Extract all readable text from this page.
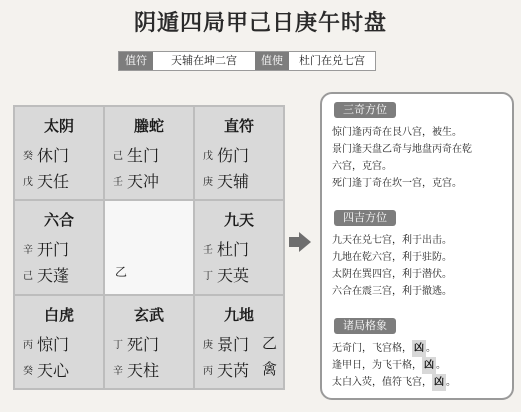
阴遁四局甲己日庚午时盘
值符	天辅在坤二宫	值使	杜门在兑七宫
太阴
癸 休门
戊 天任
螣蛇
己 生门
壬 天冲
直符
戊 伤门
庚 天辅
六合
辛 开门
己 天蓬	乙
九天
壬 杜门
丁 天英
白虎
丙 惊门
癸 天心
玄武
丁 死门
辛 天柱
九地
庚 景门 乙
丙 天芮 禽
三奇方位
惊门逢丙奇在艮八宫，被生。
景门逢天盘乙奇与地盘丙奇在乾
六宫，克宫。
死门逢丁奇在坎一宫，克宫。
四吉方位
九天在兑七宫，利于出击。
九地在乾六宫，利于驻防。
太阴在巽四宫，利于潜伏。
六合在震三宫，利于撤逃。
诸局格象
无奇门，飞宫格， 凶 。
逢甲日，为飞干格， 凶 。
太白入荧，值符飞宫， 凶 。
